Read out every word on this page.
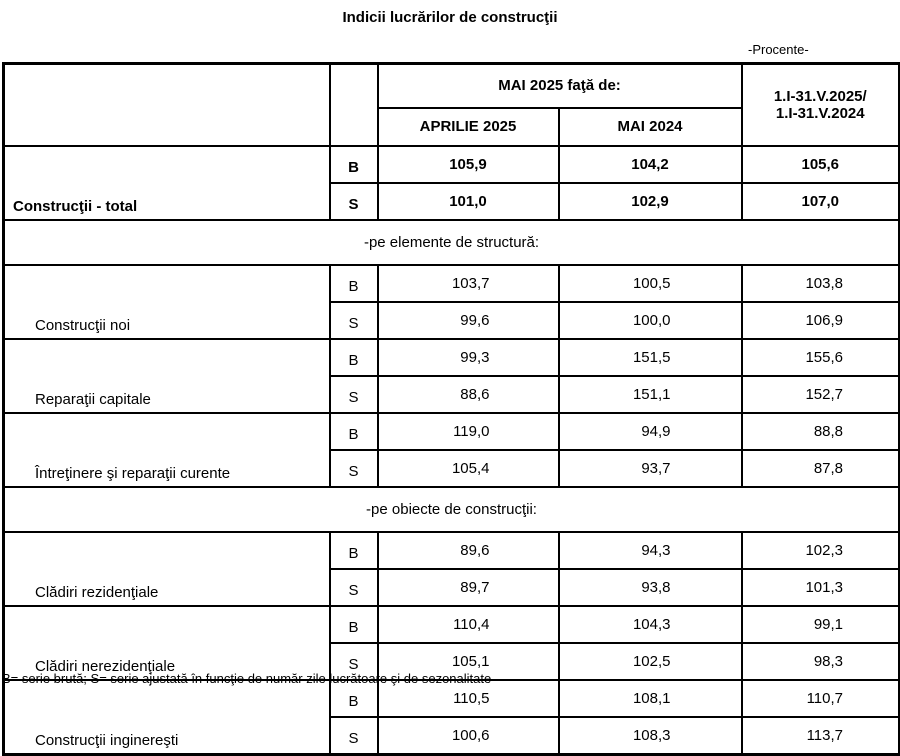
Indicii lucrărilor de construcţii
-Procente-
		MAI 2025 faţă de:		1.I-31.V.2025/
1.I-31.V.2024

		APRILIE 2025	MAI 2024	
Construcţii - total	B	105,9	104,2	105,6
	S	101,0	102,9	107,0
-pe elemente de structură:				
Construcţii noi	B	103,7	100,5	103,8
	S	99,6	100,0	106,9
Reparaţii capitale	B	99,3	151,5	155,6
	S	88,6	151,1	152,7
Întreţinere şi reparaţii curente	B	119,0	94,9	88,8
	S	105,4	93,7	87,8
-pe obiecte de construcţii:				
Clădiri rezidenţiale	B	89,6	94,3	102,3
	S	89,7	93,8	101,3
Clădiri nerezidenţiale	B	110,4	104,3	99,1
	S	105,1	102,5	98,3
Construcţii inginereşti	B	110,5	108,1	110,7
	S	100,6	108,3	113,7
B= serie brută; S= serie ajustată în funcţie de număr zile lucrătoare şi de sezonalitate
